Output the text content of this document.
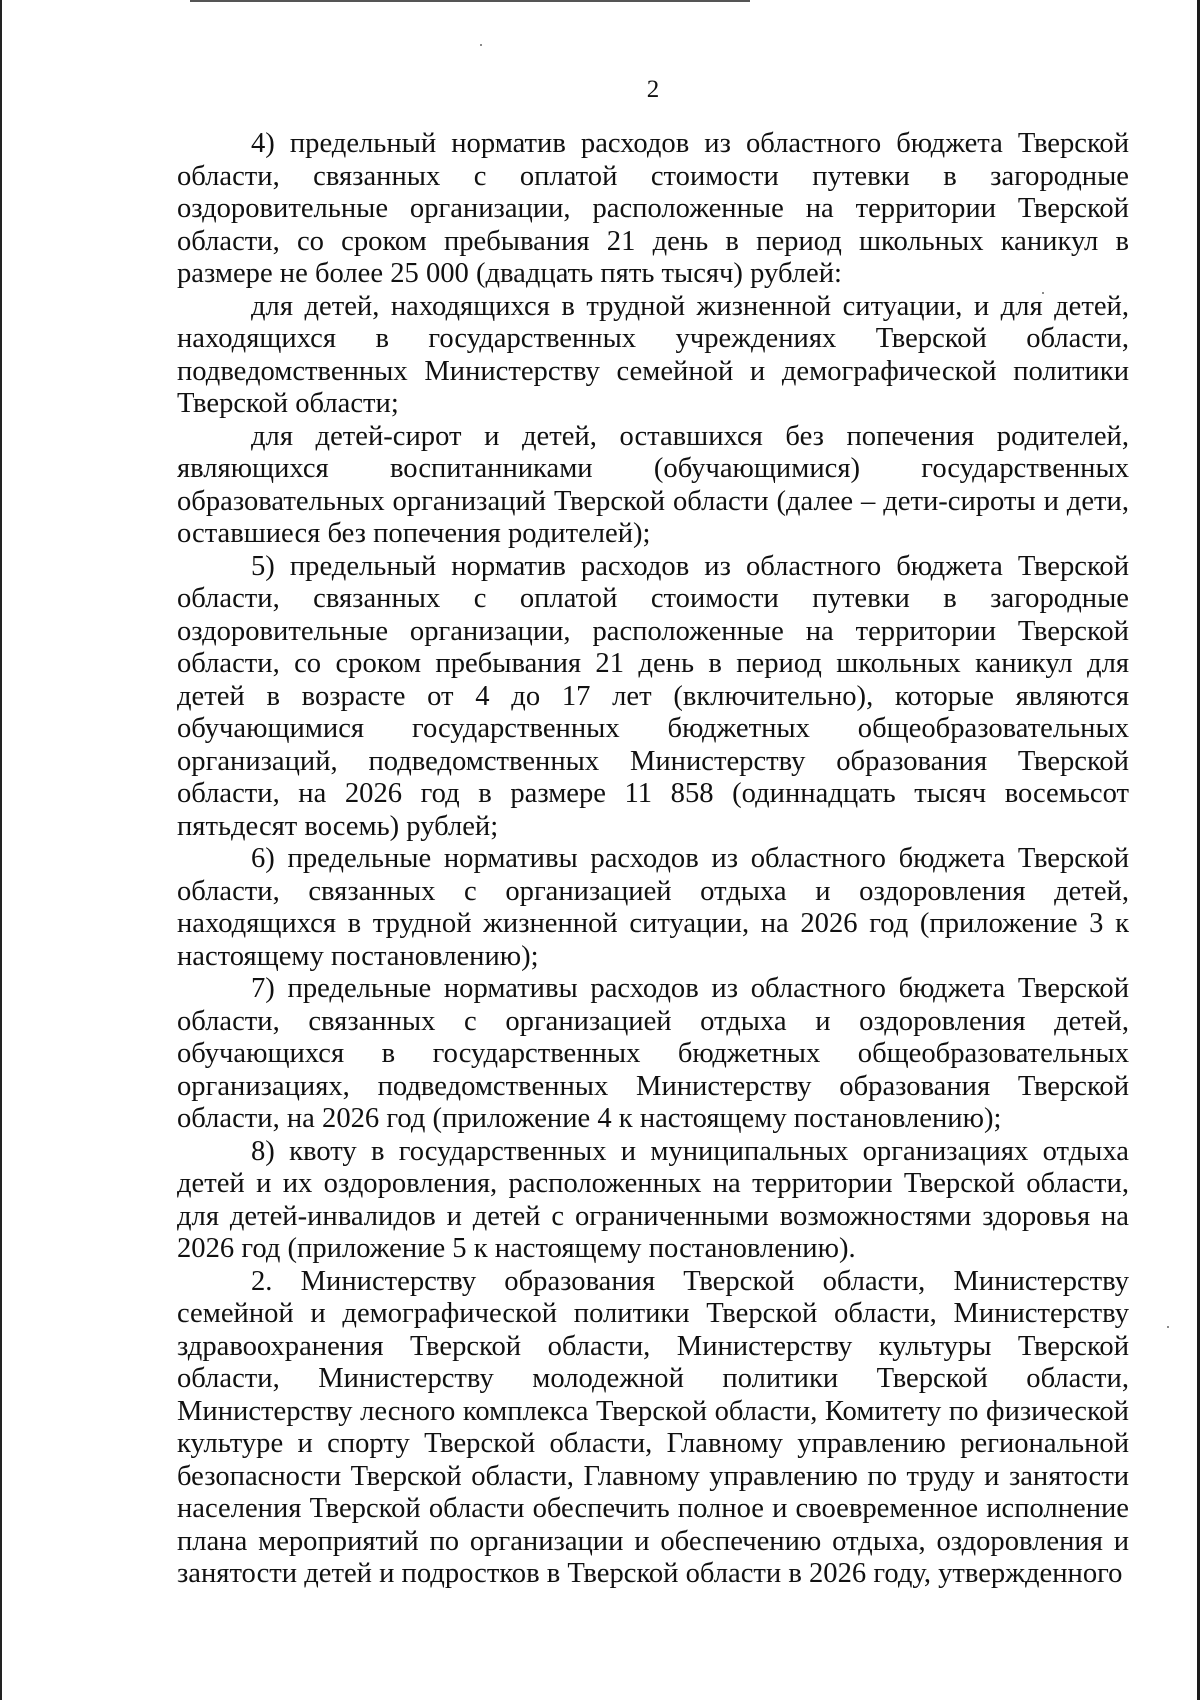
2

4) предельный норматив расходов из областного бюджета Тверской области, связанных с оплатой стоимости путевки в загородные оздоровительные организации, расположенные на территории Тверской области, со сроком пребывания 21 день в период школьных каникул в размере не более 25 000 (двадцать пять тысяч) рублей:

для детей, находящихся в трудной жизненной ситуации, и для детей, находящихся в государственных учреждениях Тверской области, подведомственных Министерству семейной и демографической политики Тверской области;

для детей-сирот и детей, оставшихся без попечения родителей, являющихся воспитанниками (обучающимися) государственных образовательных организаций Тверской области (далее – дети-сироты и дети, оставшиеся без попечения родителей);

5) предельный норматив расходов из областного бюджета Тверской области, связанных с оплатой стоимости путевки в загородные оздоровительные организации, расположенные на территории Тверской области, со сроком пребывания 21 день в период школьных каникул для детей в возрасте от 4 до 17 лет (включительно), которые являются обучающимися государственных бюджетных общеобразовательных организаций, подведомственных Министерству образования Тверской области, на 2026 год в размере 11 858 (одиннадцать тысяч восемьсот пятьдесят восемь) рублей;

6) предельные нормативы расходов из областного бюджета Тверской области, связанных с организацией отдыха и оздоровления детей, находящихся в трудной жизненной ситуации, на 2026 год (приложение 3 к настоящему постановлению);

7) предельные нормативы расходов из областного бюджета Тверской области, связанных с организацией отдыха и оздоровления детей, обучающихся в государственных бюджетных общеобразовательных организациях, подведомственных Министерству образования Тверской области, на 2026 год (приложение 4 к настоящему постановлению);

8) квоту в государственных и муниципальных организациях отдыха детей и их оздоровления, расположенных на территории Тверской области, для детей-инвалидов и детей с ограниченными возможностями здоровья на 2026 год (приложение 5 к настоящему постановлению).

2. Министерству образования Тверской области, Министерству семейной и демографической политики Тверской области, Министерству здравоохранения Тверской области, Министерству культуры Тверской области, Министерству молодежной политики Тверской области, Министерству лесного комплекса Тверской области, Комитету по физической культуре и спорту Тверской области, Главному управлению региональной безопасности Тверской области, Главному управлению по труду и занятости населения Тверской области обеспечить полное и своевременное исполнение плана мероприятий по организации и обеспечению отдыха, оздоровления и занятости детей и подростков в Тверской области в 2026 году, утвержденного
